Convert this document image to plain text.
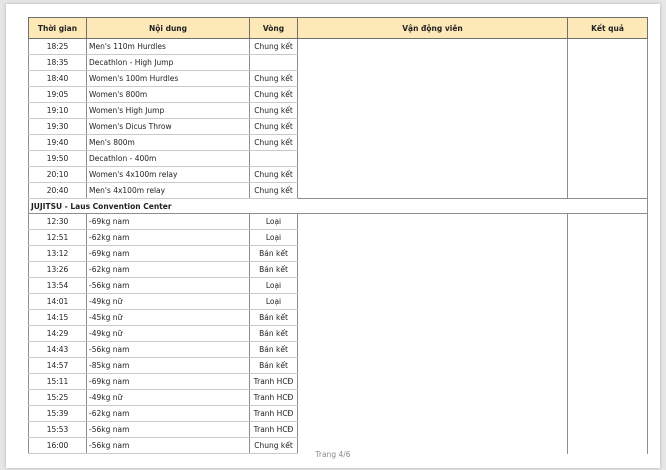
Thời gian	Nội dung	Vòng	Vận động viên	Kết quả
18:25	Men's 110m Hurdles	Chung kết		
18:35	Decathlon - High Jump			
18:40	Women's 100m Hurdles	Chung kết		
19:05	Women's 800m	Chung kết		
19:10	Women's High Jump	Chung kết		
19:30	Women's Dicus Throw	Chung kết		
19:40	Men's 800m	Chung kết		
19:50	Decathlon - 400m			
20:10	Women's 4x100m relay	Chung kết		
20:40	Men's 4x100m relay	Chung kết		
JUJITSU - Laus Convention Center				
12:30	-69kg nam	Loại		
12:51	-62kg nam	Loại		
13:12	-69kg nam	Bán kết		
13:26	-62kg nam	Bán kết		
13:54	-56kg nam	Loại		
14:01	-49kg nữ	Loại		
14:15	-45kg nữ	Bán kết		
14:29	-49kg nữ	Bán kết		
14:43	-56kg nam	Bán kết		
14:57	-85kg nam	Bán kết		
15:11	-69kg nam	Tranh HCĐ		
15:25	-49kg nữ	Tranh HCĐ		
15:39	-62kg nam	Tranh HCĐ		
15:53	-56kg nam	Tranh HCĐ		
16:00	-56kg nam	Chung kết		
Trang 4/6
